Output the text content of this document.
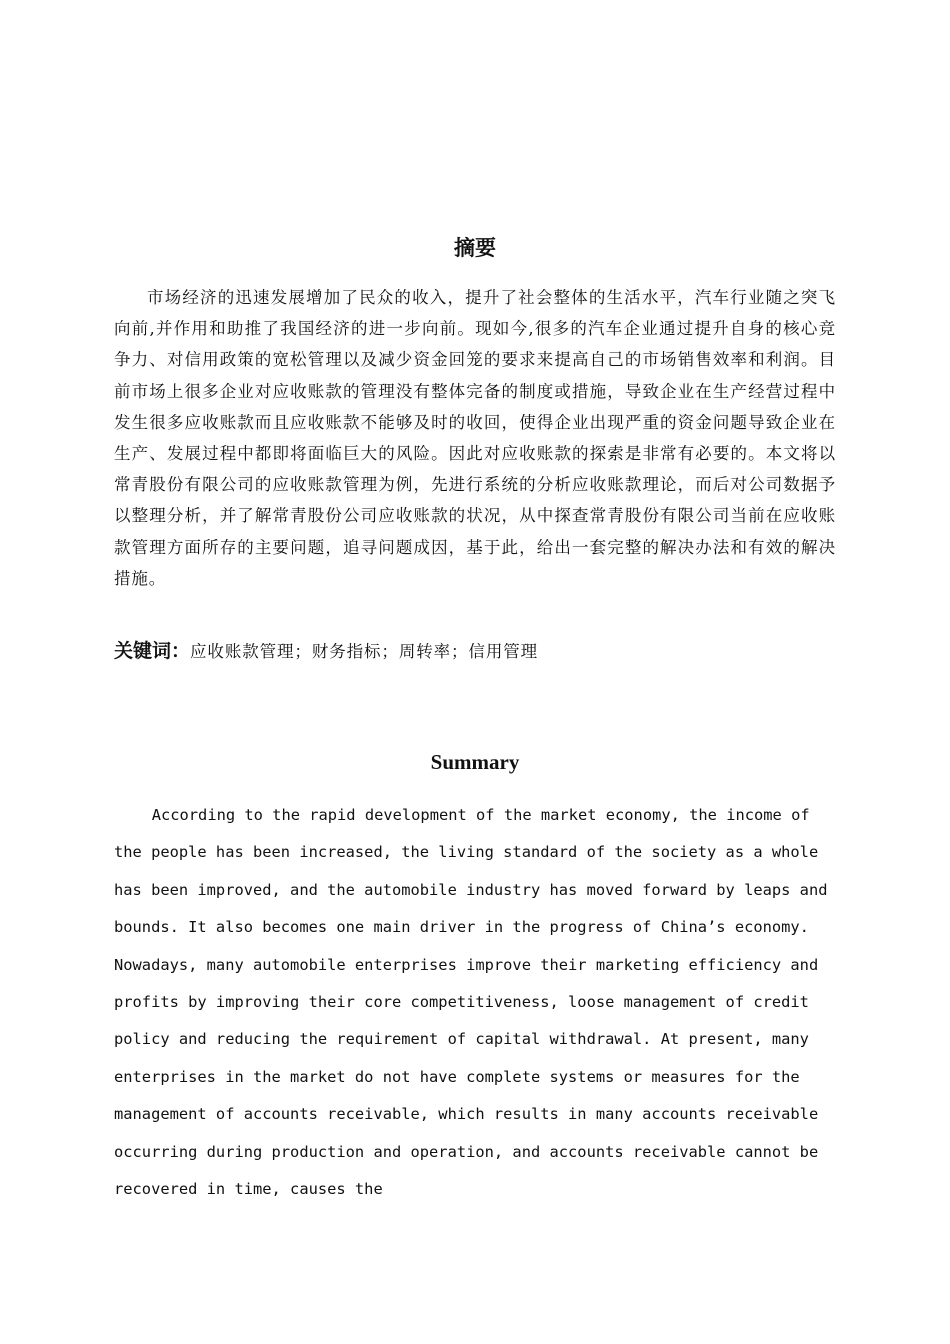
摘要

市场经济的迅速发展增加了民众的收入，提升了社会整体的生活水平，汽车行业随之突飞向前,并作用和助推了我国经济的进一步向前。现如今,很多的汽车企业通过提升自身的核心竞争力、对信用政策的宽松管理以及减少资金回笼的要求来提高自己的市场销售效率和利润。目前市场上很多企业对应收账款的管理没有整体完备的制度或措施，导致企业在生产经营过程中发生很多应收账款而且应收账款不能够及时的收回，使得企业出现严重的资金问题导致企业在生产、发展过程中都即将面临巨大的风险。因此对应收账款的探索是非常有必要的。本文将以常青股份有限公司的应收账款管理为例，先进行系统的分析应收账款理论，而后对公司数据予以整理分析，并了解常青股份公司应收账款的状况，从中探查常青股份有限公司当前在应收账款管理方面所存的主要问题，追寻问题成因，基于此，给出一套完整的解决办法和有效的解决措施。

关键词：应收账款管理；财务指标；周转率；信用管理

Summary

According to the rapid development of the market economy, the income of the people has been increased, the living standard of the society as a whole has been improved, and the automobile industry has moved forward by leaps and bounds. It also becomes one main driver in the progress of China’s economy. Nowadays, many automobile enterprises improve their marketing efficiency and profits by improving their core competitiveness, loose management of credit policy and reducing the requirement of capital withdrawal. At present, many enterprises in the market do not have complete systems or measures for the management of accounts receivable, which results in many accounts receivable occurring during production and operation, and accounts receivable cannot be recovered in time, causes the
